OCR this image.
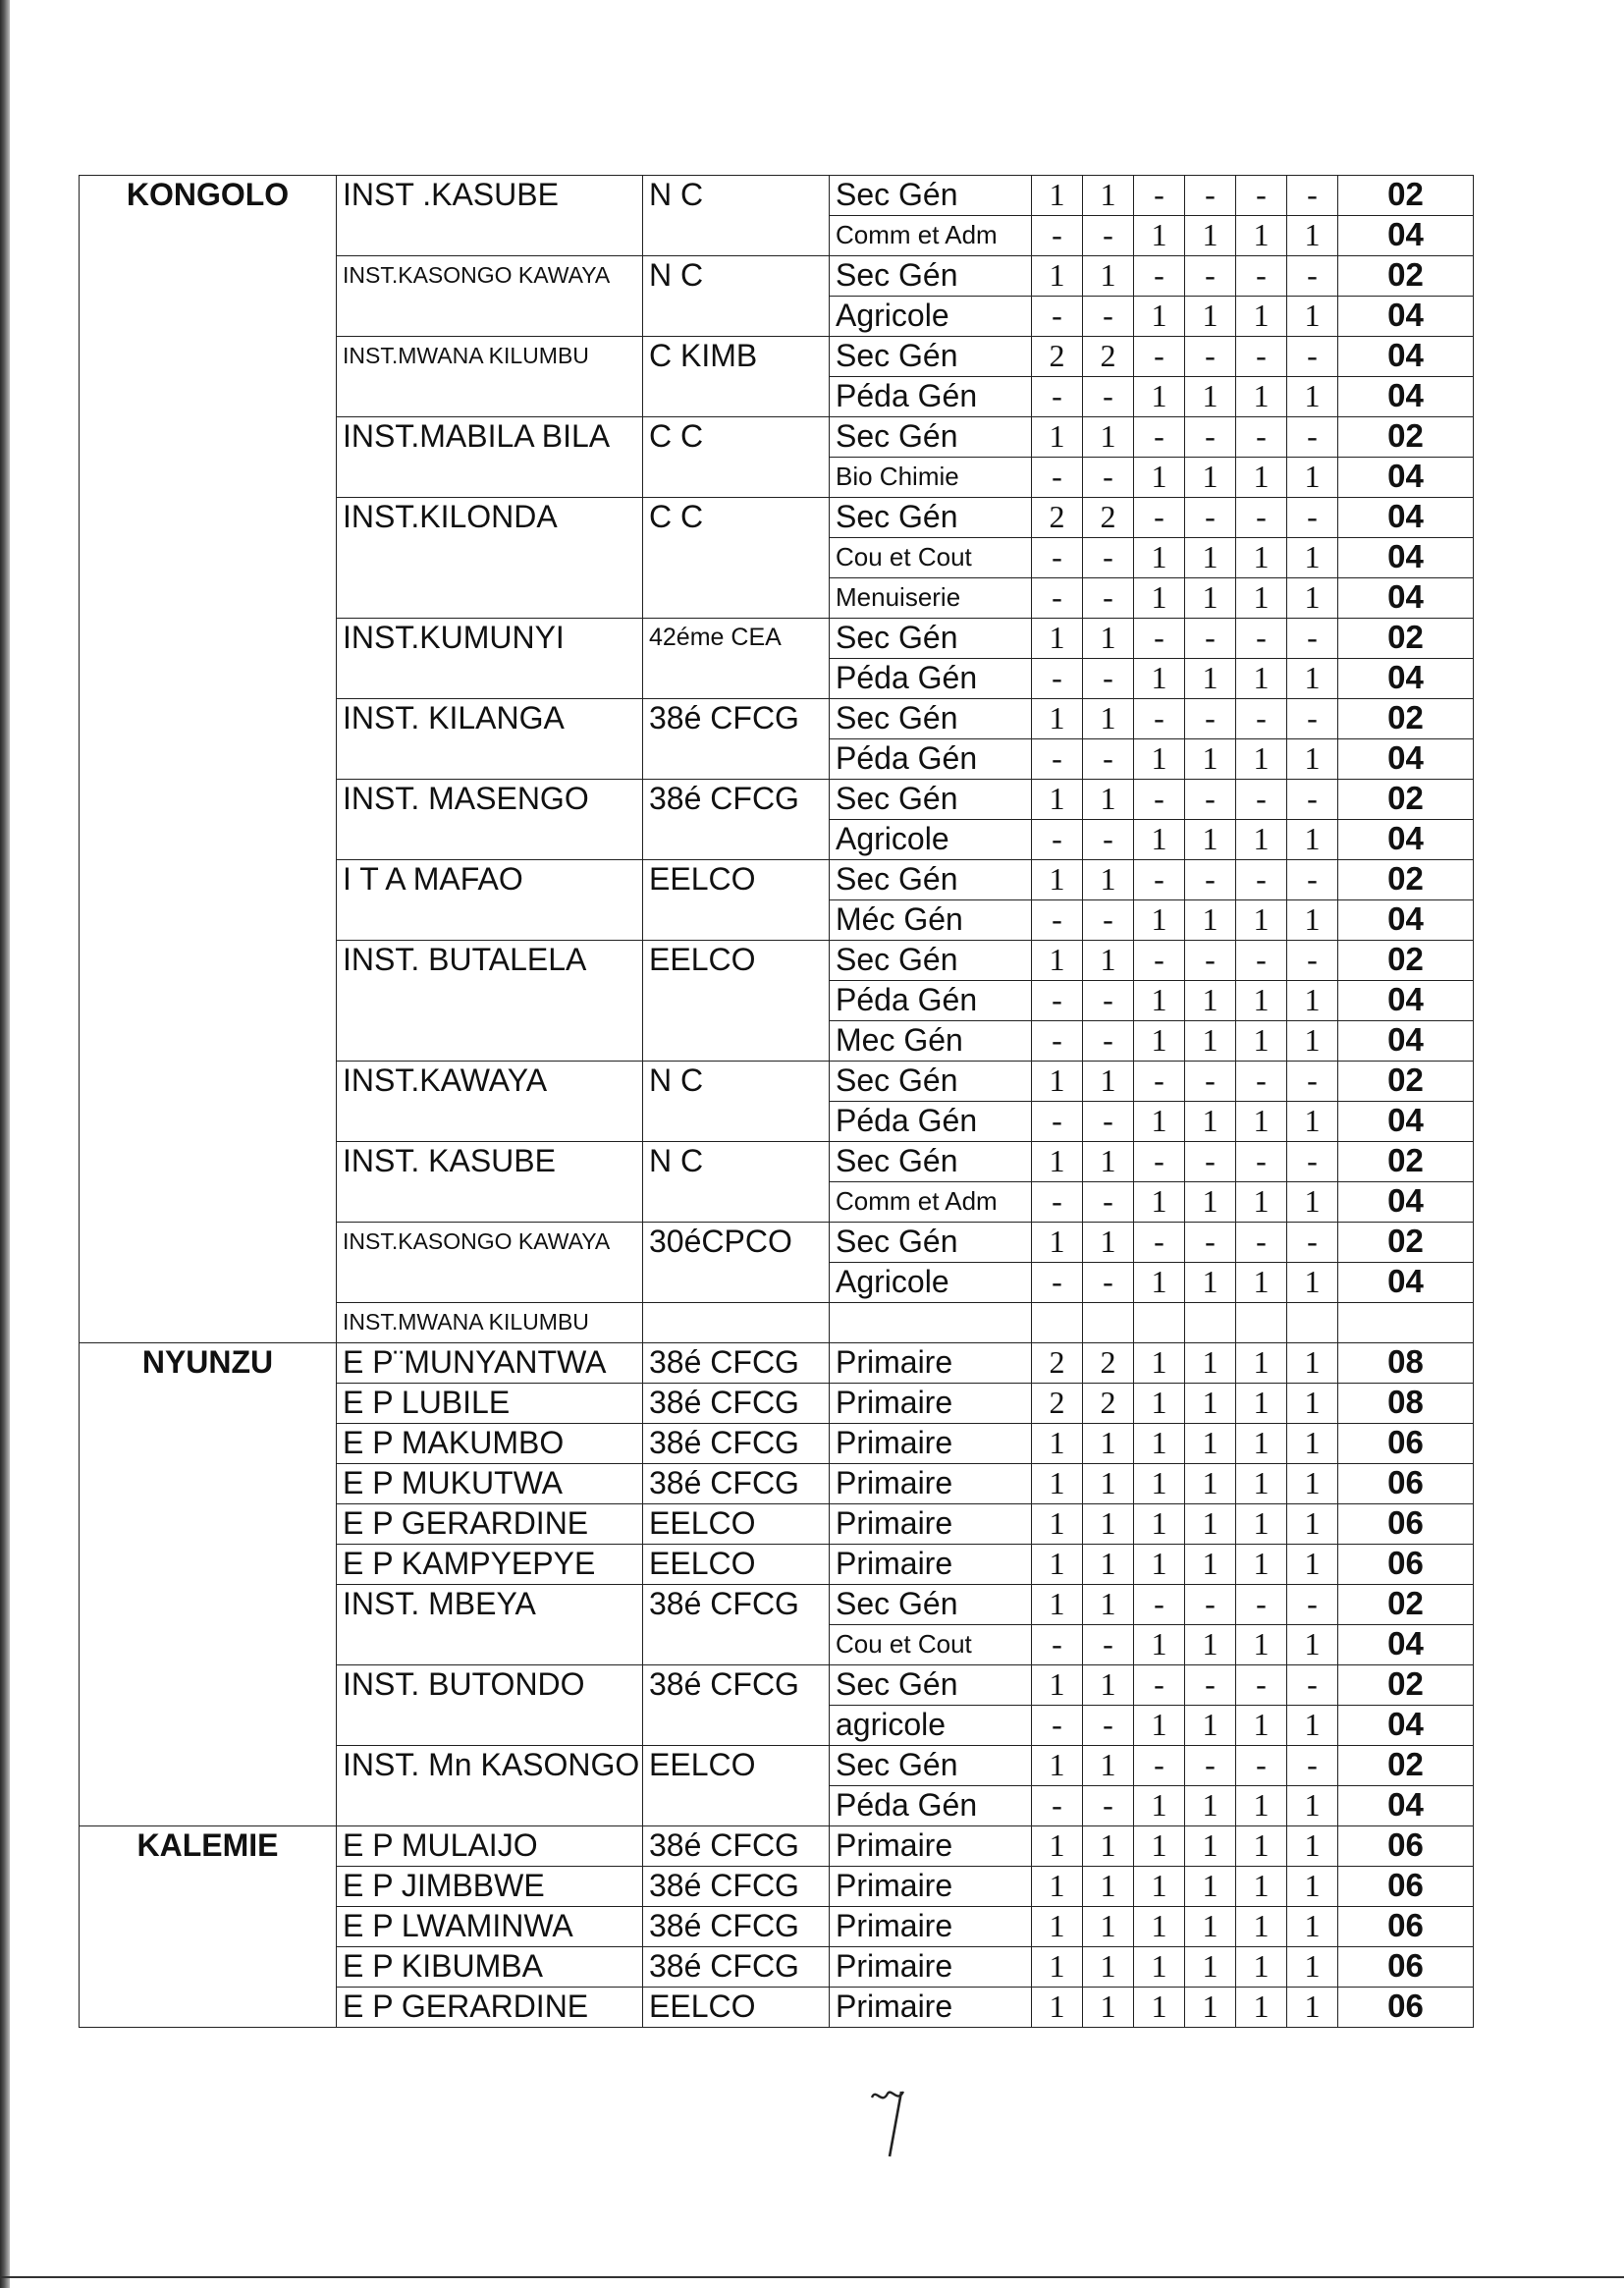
KONGOLO	INST .KASUBE	N C	Sec Gén	1	1	-	-	-	-	02
			Comm et Adm	-	-	1	1	1	1	04
	INST.KASONGO KAWAYA	N C	Sec Gén	1	1	-	-	-	-	02
			Agricole	-	-	1	1	1	1	04
	INST.MWANA KILUMBU	C KIMB	Sec Gén	2	2	-	-	-	-	04
			Péda Gén	-	-	1	1	1	1	04
	INST.MABILA BILA	C C	Sec Gén	1	1	-	-	-	-	02
			Bio Chimie	-	-	1	1	1	1	04
	INST.KILONDA	C C	Sec Gén	2	2	-	-	-	-	04
			Cou et Cout	-	-	1	1	1	1	04
			Menuiserie	-	-	1	1	1	1	04
	INST.KUMUNYI	42éme CEA	Sec Gén	1	1	-	-	-	-	02
			Péda Gén	-	-	1	1	1	1	04
	INST. KILANGA	38é CFCG	Sec Gén	1	1	-	-	-	-	02
			Péda Gén	-	-	1	1	1	1	04
	INST. MASENGO	38é CFCG	Sec Gén	1	1	-	-	-	-	02
			Agricole	-	-	1	1	1	1	04
	I T A MAFAO	EELCO	Sec Gén	1	1	-	-	-	-	02
			Méc Gén	-	-	1	1	1	1	04
	INST. BUTALELA	EELCO	Sec Gén	1	1	-	-	-	-	02
			Péda Gén	-	-	1	1	1	1	04
			Mec Gén	-	-	1	1	1	1	04
	INST.KAWAYA	N C	Sec Gén	1	1	-	-	-	-	02
			Péda Gén	-	-	1	1	1	1	04
	INST. KASUBE	N C	Sec Gén	1	1	-	-	-	-	02
			Comm et Adm	-	-	1	1	1	1	04
	INST.KASONGO KAWAYA	30éCPCO	Sec Gén	1	1	-	-	-	-	02
			Agricole	-	-	1	1	1	1	04
	INST.MWANA KILUMBU									
NYUNZU	E P¨MUNYANTWA	38é CFCG	Primaire	2	2	1	1	1	1	08
	E P LUBILE	38é CFCG	Primaire	2	2	1	1	1	1	08
	E P MAKUMBO	38é CFCG	Primaire	1	1	1	1	1	1	06
	E P MUKUTWA	38é CFCG	Primaire	1	1	1	1	1	1	06
	E P GERARDINE	EELCO	Primaire	1	1	1	1	1	1	06
	E P KAMPYEPYE	EELCO	Primaire	1	1	1	1	1	1	06
	INST. MBEYA	38é CFCG	Sec Gén	1	1	-	-	-	-	02
			Cou et Cout	-	-	1	1	1	1	04
	INST. BUTONDO	38é CFCG	Sec Gén	1	1	-	-	-	-	02
			agricole	-	-	1	1	1	1	04
	INST. Mn KASONGO	EELCO	Sec Gén	1	1	-	-	-	-	02
			Péda Gén	-	-	1	1	1	1	04
KALEMIE	E P MULAIJO	38é CFCG	Primaire	1	1	1	1	1	1	06
	E P JIMBBWE	38é CFCG	Primaire	1	1	1	1	1	1	06
	E P LWAMINWA	38é CFCG	Primaire	1	1	1	1	1	1	06
	E P KIBUMBA	38é CFCG	Primaire	1	1	1	1	1	1	06
	E P GERARDINE	EELCO	Primaire	1	1	1	1	1	1	06
